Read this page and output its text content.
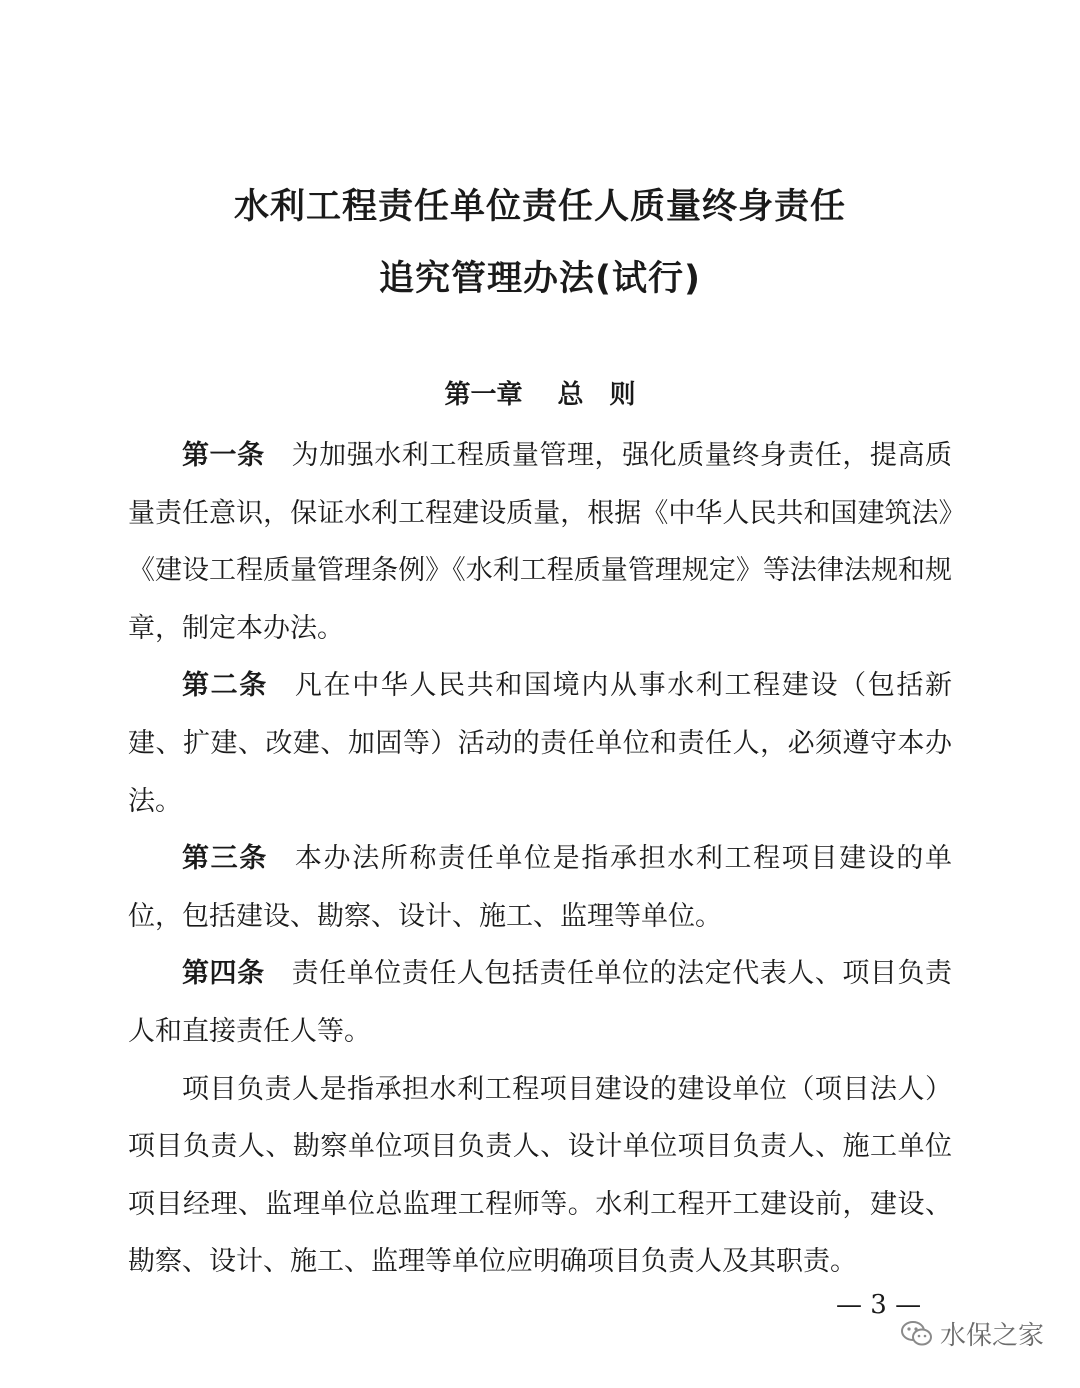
水利工程责任单位责任人质量终身责任
追究管理办法(试行)
第一章　 总　则

第一条 为加强水利工程质量管理，强化质量终身责任，提高质量责任意识，保证水利工程建设质量，根据《中华人民共和国建筑法》《建设工程质量管理条例》《水利工程质量管理规定》等法律法规和规章，制定本办法。

第二条 凡在中华人民共和国境内从事水利工程建设（包括新建、扩建、改建、加固等）活动的责任单位和责任人，必须遵守本办法。

第三条 本办法所称责任单位是指承担水利工程项目建设的单位，包括建设、勘察、设计、施工、监理等单位。

第四条 责任单位责任人包括责任单位的法定代表人、项目负责人和直接责任人等。

项目负责人是指承担水利工程项目建设的建设单位（项目法人）项目负责人、勘察单位项目负责人、设计单位项目负责人、施工单位项目经理、监理单位总监理工程师等。水利工程开工建设前，建设、勘察、设计、施工、监理等单位应明确项目负责人及其职责。

— 3 —
水保之家
